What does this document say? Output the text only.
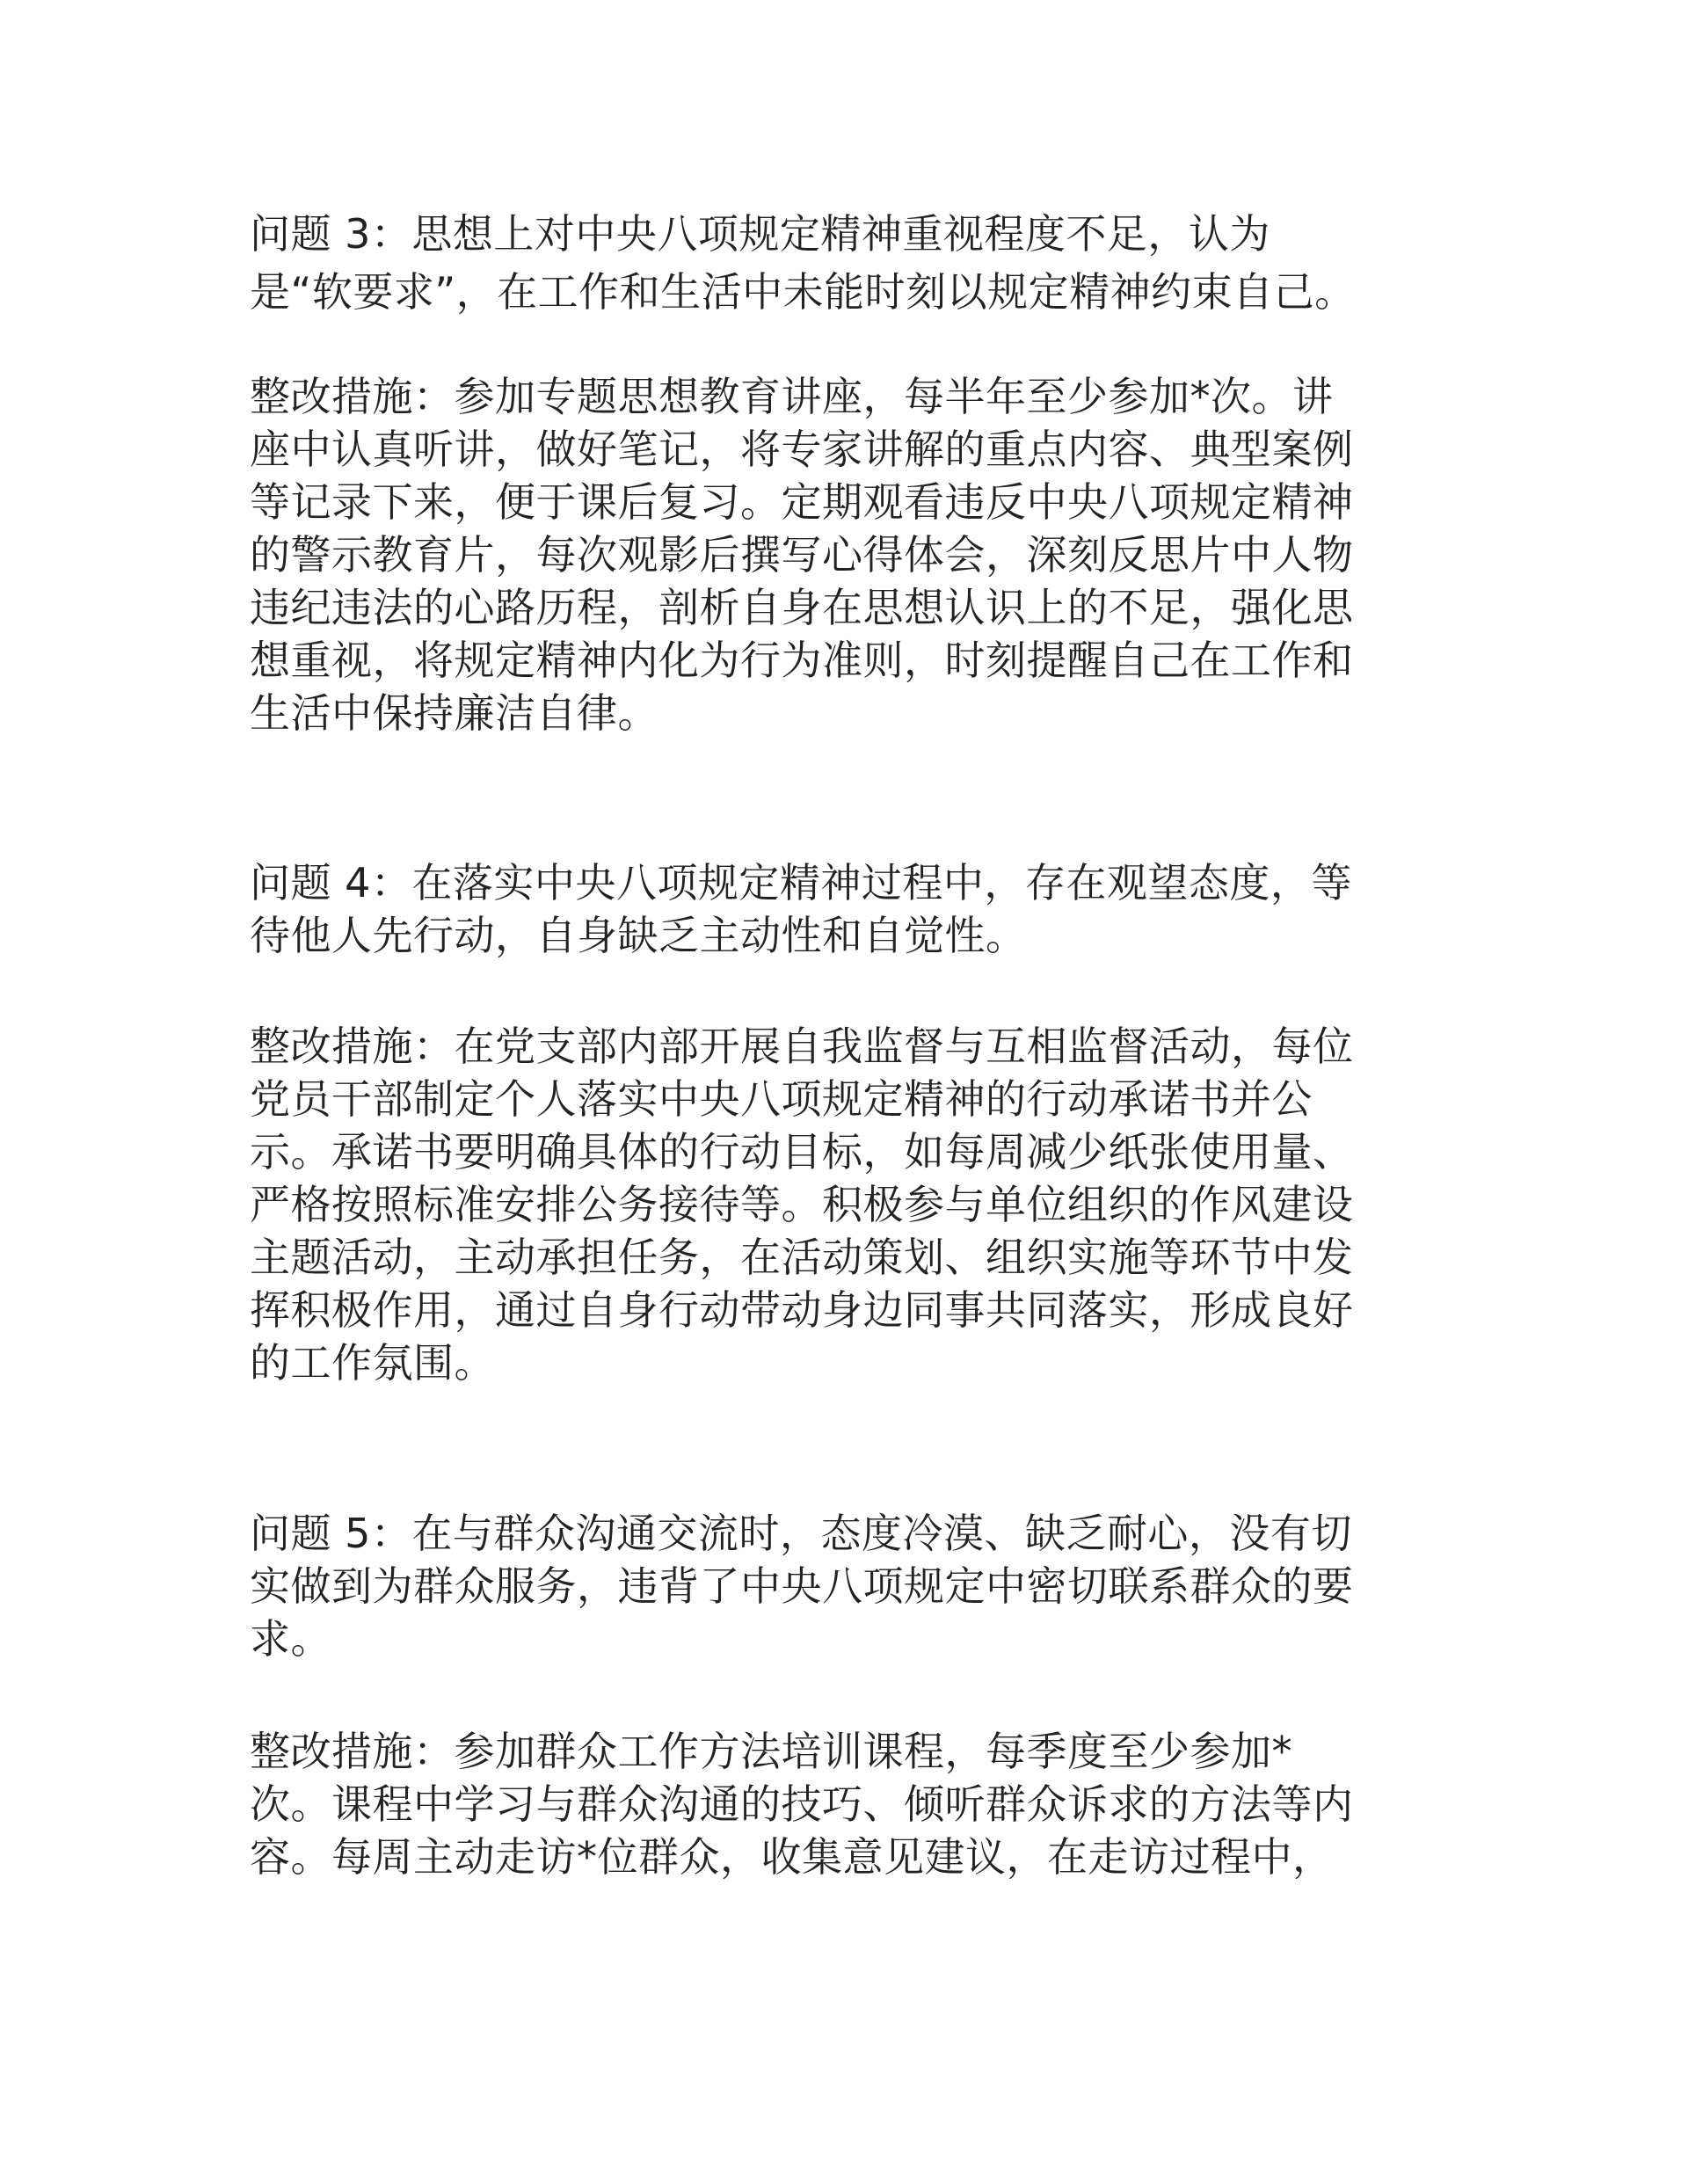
问题 3：思想上对中央八项规定精神重视程度不足，认为
是“软要求”，在工作和生活中未能时刻以规定精神约束自己。
整改措施：参加专题思想教育讲座，每半年至少参加*次。讲
座中认真听讲，做好笔记，将专家讲解的重点内容、典型案例
等记录下来，便于课后复习。定期观看违反中央八项规定精神
的警示教育片，每次观影后撰写心得体会，深刻反思片中人物
违纪违法的心路历程，剖析自身在思想认识上的不足，强化思
想重视，将规定精神内化为行为准则，时刻提醒自己在工作和
生活中保持廉洁自律。
问题 4：在落实中央八项规定精神过程中，存在观望态度，等
待他人先行动，自身缺乏主动性和自觉性。
整改措施：在党支部内部开展自我监督与互相监督活动，每位
党员干部制定个人落实中央八项规定精神的行动承诺书并公
示。承诺书要明确具体的行动目标，如每周减少纸张使用量、
严格按照标准安排公务接待等。积极参与单位组织的作风建设
主题活动，主动承担任务，在活动策划、组织实施等环节中发
挥积极作用，通过自身行动带动身边同事共同落实，形成良好
的工作氛围。
问题 5：在与群众沟通交流时，态度冷漠、缺乏耐心，没有切
实做到为群众服务，违背了中央八项规定中密切联系群众的要
求。
整改措施：参加群众工作方法培训课程，每季度至少参加*
次。课程中学习与群众沟通的技巧、倾听群众诉求的方法等内
容。每周主动走访*位群众，收集意见建议，在走访过程中，
